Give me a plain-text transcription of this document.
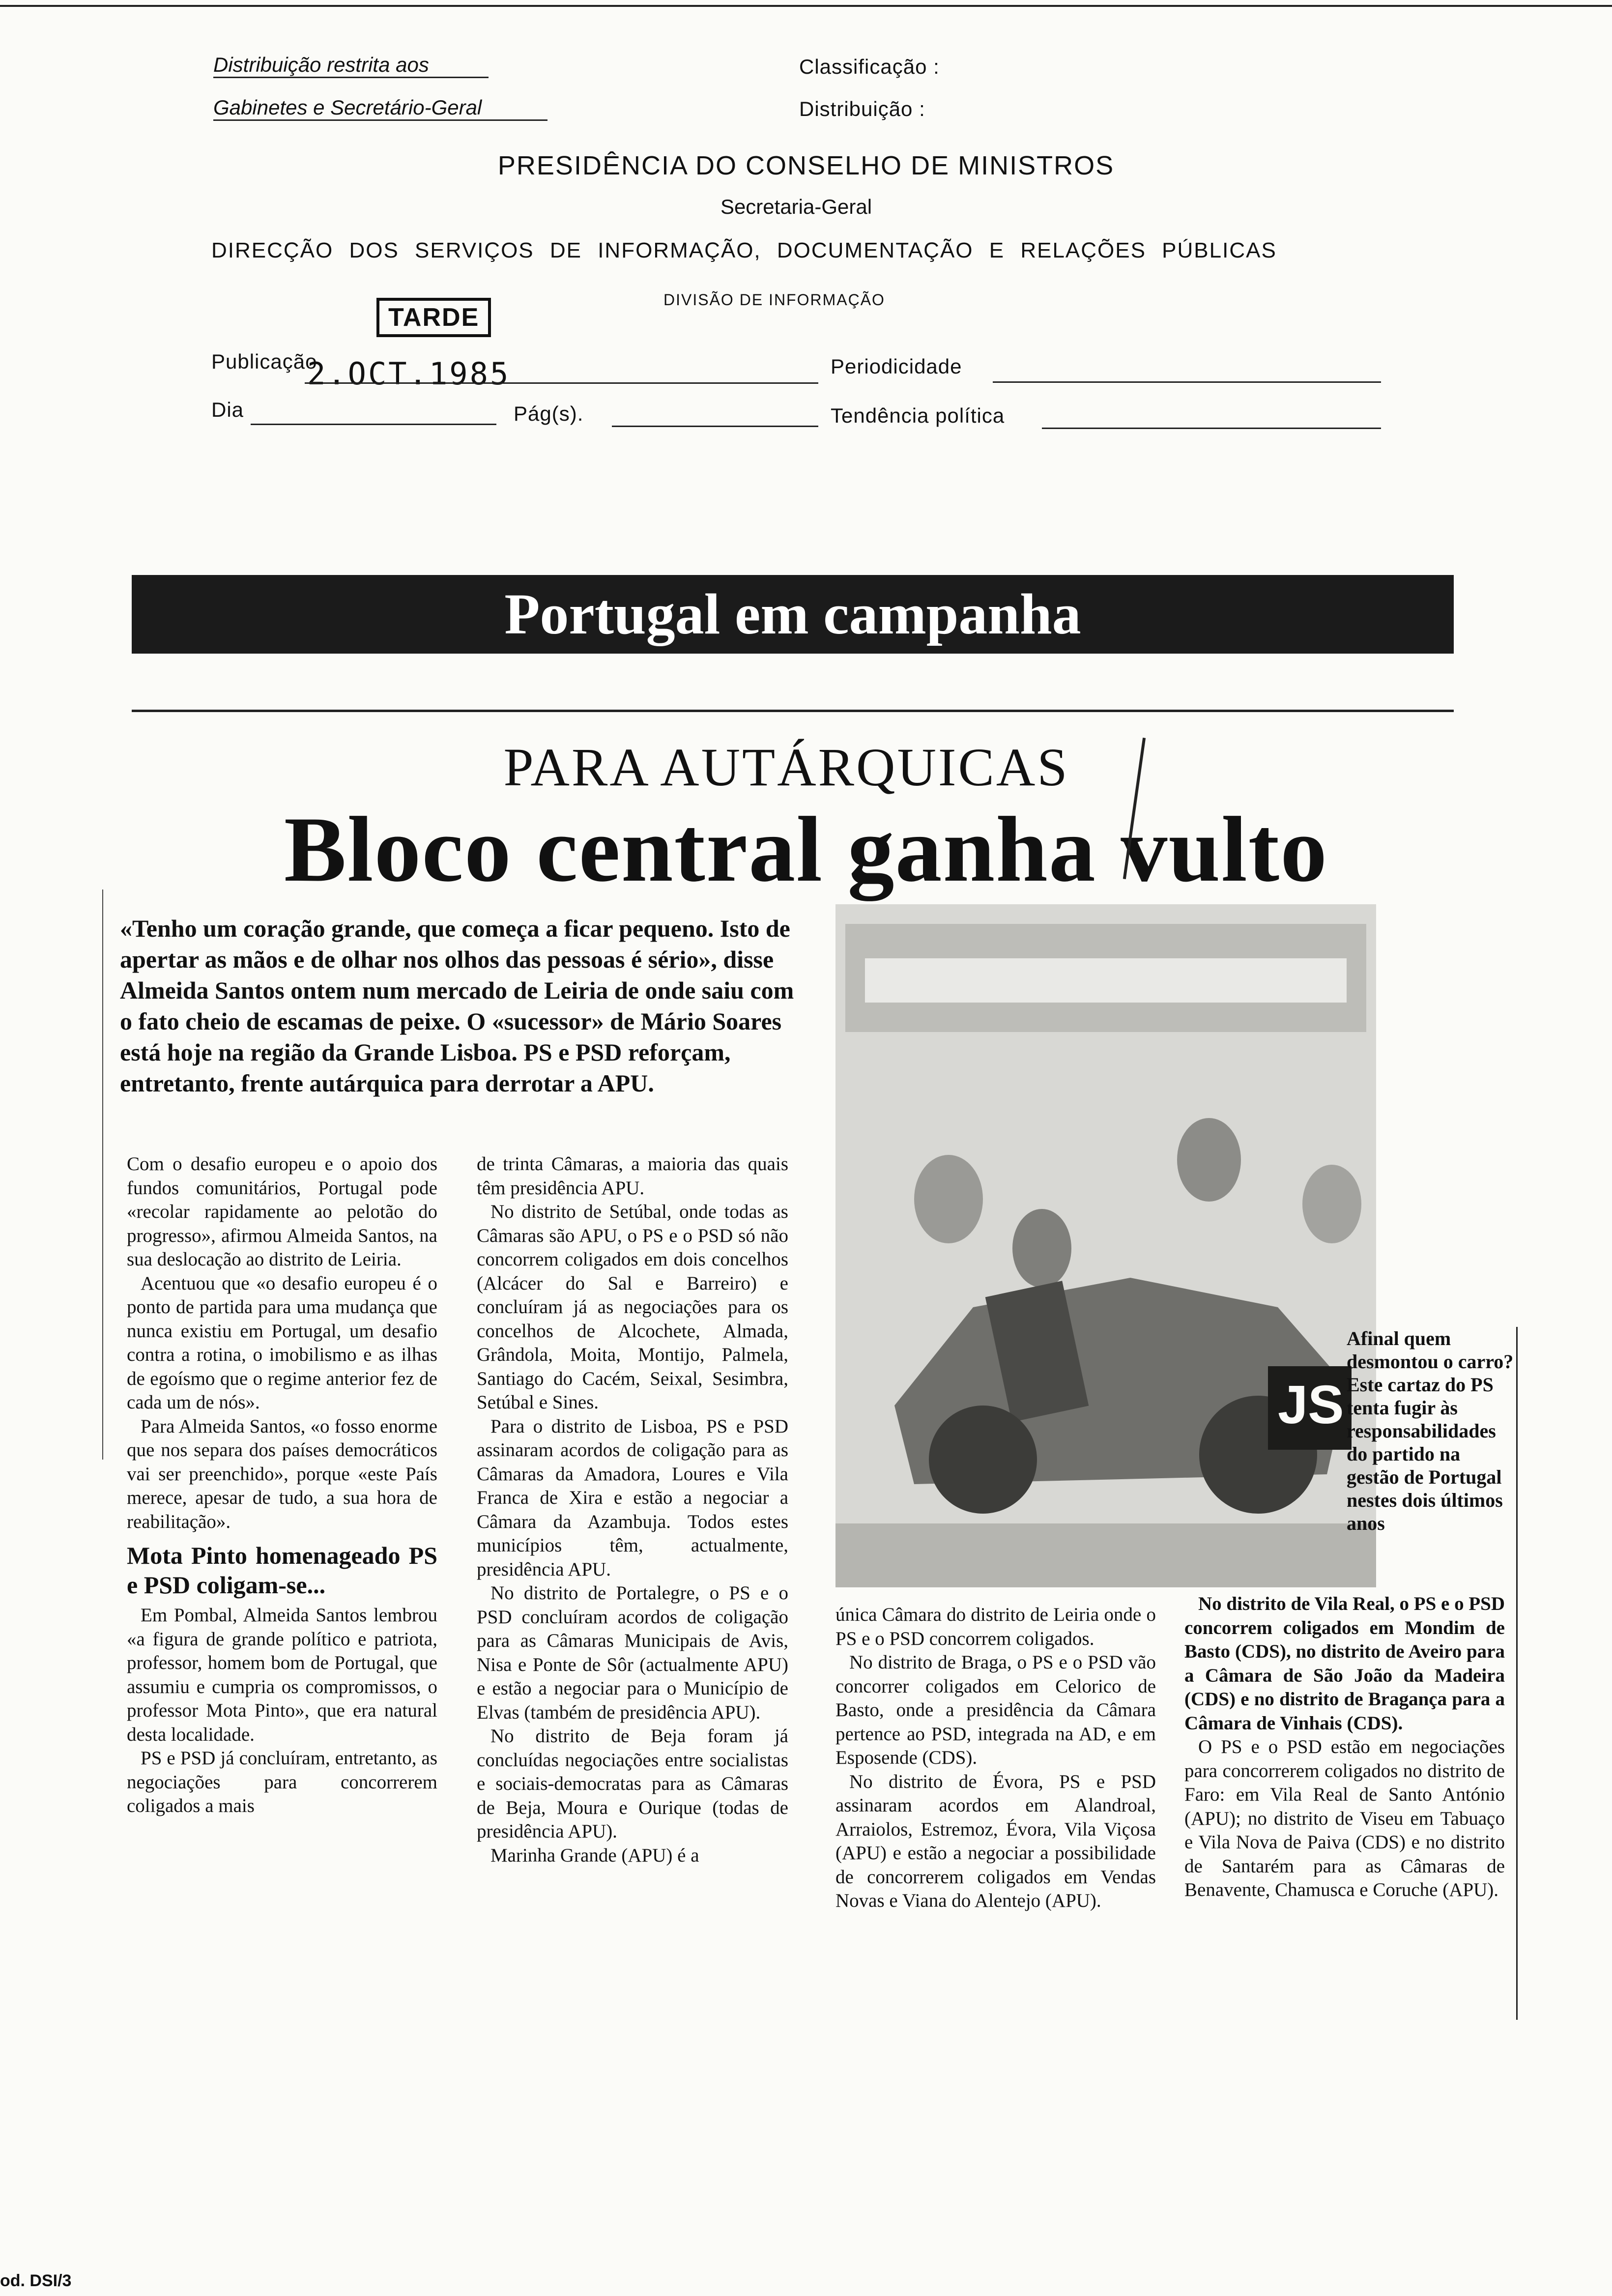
Distribuição restrita aos
Gabinetes e Secretário-Geral
Classificação :
Distribuição :
PRESIDÊNCIA DO CONSELHO DE MINISTROS
Secretaria-Geral
DIRECÇÃO DOS SERVIÇOS DE INFORMAÇÃO, DOCUMENTAÇÃO E RELAÇÕES PÚBLICAS
DIVISÃO DE INFORMAÇÃO
TARDE
Publicação
2.OCT.1985	Periodicidade
Dia	Pág(s).	Tendência política
Portugal em campanha
PARA AUTÁRQUICAS
Bloco central ganha vulto
«Tenho um coração grande, que começa a ficar pequeno. Isto de apertar as mãos e de olhar nos olhos das pessoas é sério», disse Almeida Santos ontem num mercado de Leiria de onde saiu com o fato cheio de escamas de peixe. O «sucessor» de Mário Soares está hoje na região da Grande Lisboa. PS e PSD reforçam, entretanto, frente autárquica para derrotar a APU.
JS
Afinal quem desmontou o carro? Este cartaz do PS tenta fugir às responsabilidades do partido na gestão de Portugal nestes dois últimos anos

Com o desafio europeu e o apoio dos fundos comunitários, Portugal pode «recolar rapidamente ao pelotão do progresso», afirmou Almeida Santos, na sua deslocação ao distrito de Leiria.

Acentuou que «o desafio europeu é o ponto de partida para uma mudança que nunca existiu em Portugal, um desafio contra a rotina, o imobilismo e as ilhas de egoísmo que o regime anterior fez de cada um de nós».

Para Almeida Santos, «o fosso enorme que nos separa dos países democráticos vai ser preenchido», porque «este País merece, apesar de tudo, a sua hora de reabilitação».

Mota Pinto homenageado PS e PSD coligam-se...

Em Pombal, Almeida Santos lembrou «a figura de grande político e patriota, professor, homem bom de Portugal, que assumiu e cumpria os compromissos, o professor Mota Pinto», que era natural desta localidade.

PS e PSD já concluíram, entretanto, as negociações para concorrerem coligados a mais

de trinta Câmaras, a maioria das quais têm presidência APU.

No distrito de Setúbal, onde todas as Câmaras são APU, o PS e o PSD só não concorrem coligados em dois concelhos (Alcácer do Sal e Barreiro) e concluíram já as negociações para os concelhos de Alcochete, Almada, Grândola, Moita, Montijo, Palmela, Santiago do Cacém, Seixal, Sesimbra, Setúbal e Sines.

Para o distrito de Lisboa, PS e PSD assinaram acordos de coligação para as Câmaras da Amadora, Loures e Vila Franca de Xira e estão a negociar a Câmara da Azambuja. Todos estes municípios têm, actualmente, presidência APU.

No distrito de Portalegre, o PS e o PSD concluíram acordos de coligação para as Câmaras Municipais de Avis, Nisa e Ponte de Sôr (actualmente APU) e estão a negociar para o Município de Elvas (também de presidência APU).

No distrito de Beja foram já concluídas negociações entre socialistas e sociais-democratas para as Câmaras de Beja, Moura e Ourique (todas de presidência APU).

Marinha Grande (APU) é a

única Câmara do distrito de Leiria onde o PS e o PSD concorrem coligados.

No distrito de Braga, o PS e o PSD vão concorrer coligados em Celorico de Basto, onde a presidência da Câmara pertence ao PSD, integrada na AD, e em Esposende (CDS).

No distrito de Évora, PS e PSD assinaram acordos em Alandroal, Arraiolos, Estremoz, Évora, Vila Viçosa (APU) e estão a negociar a possibilidade de concorrerem coligados em Vendas Novas e Viana do Alentejo (APU).

No distrito de Vila Real, o PS e o PSD concorrem coligados em Mondim de Basto (CDS), no distrito de Aveiro para a Câmara de São João da Madeira (CDS) e no distrito de Bragança para a Câmara de Vinhais (CDS).

O PS e o PSD estão em negociações para concorrerem coligados no distrito de Faro: em Vila Real de Santo António (APU); no distrito de Viseu em Tabuaço e Vila Nova de Paiva (CDS) e no distrito de Santarém para as Câmaras de Benavente, Chamusca e Coruche (APU).

od. DSI/3
